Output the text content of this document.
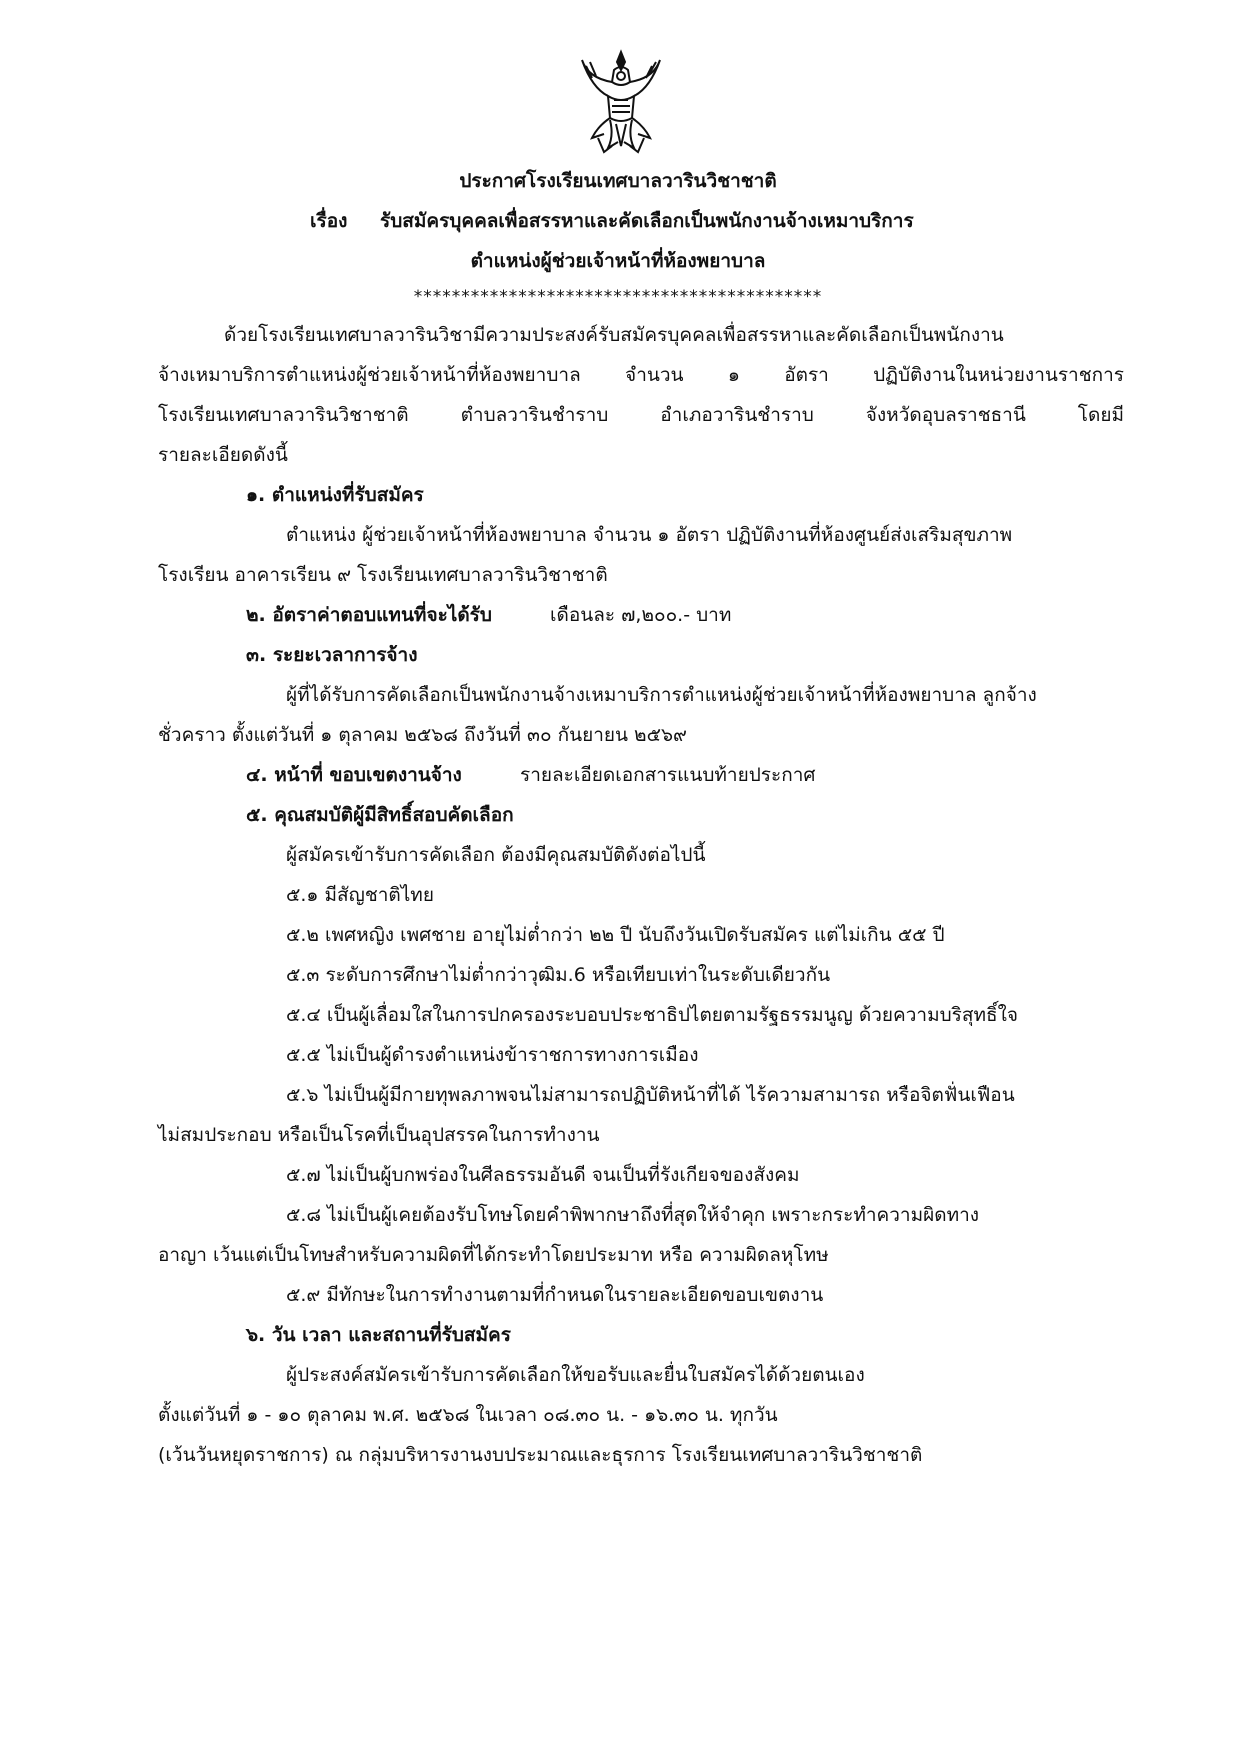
ประกาศโรงเรียนเทศบาลวารินวิชาชาติ
เรื่อง รับสมัครบุคคลเพื่อสรรหาและคัดเลือกเป็นพนักงานจ้างเหมาบริการ
ตำแหน่งผู้ช่วยเจ้าหน้าที่ห้องพยาบาล
*******************************************
ด้วยโรงเรียนเทศบาลวารินวิชามีความประสงค์รับสมัครบุคคลเพื่อสรรหาและคัดเลือกเป็นพนักงาน
จ้างเหมาบริการตำแหน่งผู้ช่วยเจ้าหน้าที่ห้องพยาบาล จำนวน ๑ อัตรา ปฏิบัติงานในหน่วยงานราชการ
โรงเรียนเทศบาลวารินวิชาชาติ ตำบลวารินชำราบ อำเภอวารินชำราบ จังหวัดอุบลราชธานี โดยมี
รายละเอียดดังนี้
๑. ตำแหน่งที่รับสมัคร
ตำแหน่ง ผู้ช่วยเจ้าหน้าที่ห้องพยาบาล จำนวน ๑ อัตรา ปฏิบัติงานที่ห้องศูนย์ส่งเสริมสุขภาพ
โรงเรียน อาคารเรียน ๙ โรงเรียนเทศบาลวารินวิชาชาติ
๒. อัตราค่าตอบแทนที่จะได้รับ	เดือนละ ๗,๒๐๐.- บาท
๓. ระยะเวลาการจ้าง
ผู้ที่ได้รับการคัดเลือกเป็นพนักงานจ้างเหมาบริการตำแหน่งผู้ช่วยเจ้าหน้าที่ห้องพยาบาล ลูกจ้าง
ชั่วคราว ตั้งแต่วันที่ ๑ ตุลาคม ๒๕๖๘ ถึงวันที่ ๓๐ กันยายน ๒๕๖๙
๔. หน้าที่ ขอบเขตงานจ้าง	รายละเอียดเอกสารแนบท้ายประกาศ
๕. คุณสมบัติผู้มีสิทธิ์สอบคัดเลือก
ผู้สมัครเข้ารับการคัดเลือก ต้องมีคุณสมบัติดังต่อไปนี้
๕.๑ มีสัญชาติไทย
๕.๒ เพศหญิง เพศชาย อายุไม่ต่ำกว่า ๒๒ ปี นับถึงวันเปิดรับสมัคร แต่ไม่เกิน ๕๕ ปี
๕.๓ ระดับการศึกษาไม่ต่ำกว่าวุฒิม.6 หรือเทียบเท่าในระดับเดียวกัน
๕.๔ เป็นผู้เลื่อมใสในการปกครองระบอบประชาธิปไตยตามรัฐธรรมนูญ ด้วยความบริสุทธิ์ใจ
๕.๕ ไม่เป็นผู้ดำรงตำแหน่งข้าราชการทางการเมือง
๕.๖ ไม่เป็นผู้มีกายทุพลภาพจนไม่สามารถปฏิบัติหน้าที่ได้ ไร้ความสามารถ หรือจิตฟั่นเฟือน
ไม่สมประกอบ หรือเป็นโรคที่เป็นอุปสรรคในการทำงาน
๕.๗ ไม่เป็นผู้บกพร่องในศีลธรรมอันดี จนเป็นที่รังเกียจของสังคม
๕.๘ ไม่เป็นผู้เคยต้องรับโทษโดยคำพิพากษาถึงที่สุดให้จำคุก เพราะกระทำความผิดทาง
อาญา เว้นแต่เป็นโทษสำหรับความผิดที่ได้กระทำโดยประมาท หรือ ความผิดลหุโทษ
๕.๙ มีทักษะในการทำงานตามที่กำหนดในรายละเอียดขอบเขตงาน
๖. วัน เวลา และสถานที่รับสมัคร
ผู้ประสงค์สมัครเข้ารับการคัดเลือกให้ขอรับและยื่นใบสมัครได้ด้วยตนเอง
ตั้งแต่วันที่ ๑ - ๑๐ ตุลาคม พ.ศ. ๒๕๖๘ ในเวลา ๐๘.๓๐ น. - ๑๖.๓๐ น. ทุกวัน
(เว้นวันหยุดราชการ) ณ กลุ่มบริหารงานงบประมาณและธุรการ โรงเรียนเทศบาลวารินวิชาชาติ
